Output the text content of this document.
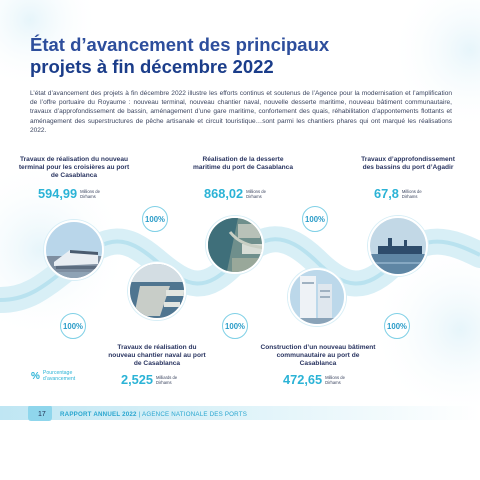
État d’avancement des principaux
projets à fin décembre 2022

L’état d’avancement des projets à fin décembre 2022 illustre les efforts continus et soutenus de l’Agence pour la modernisation et l’amplification de l’offre portuaire du Royaume : nouveau terminal, nouveau chantier naval, nouvelle desserte maritime, nouveau bâtiment communautaire, travaux d’approfondissement de bassin, aménagement d’une gare maritime, confortement des quais, réhabilitation d’appontements flottants et aménagement des superstructures de pêche artisanale et circuit touristique…sont parmi les chantiers phares qui ont marqué les réalisations 2022.

Travaux de réalisation du nouveau terminal pour les croisières au port de Casablanca
594,99 Millions de Dirhams
Réalisation de la desserte maritime du port de Casablanca
868,02 Millions de Dirhams
Travaux d’approfondissement des bassins du port d’Agadir
67,8 Millions de Dirhams
100%
100%
100%
100%	100%
Travaux de réalisation du nouveau chantier naval au port de Casablanca
2,525 Milliards de Dirhams
Construction d’un nouveau bâtiment communautaire au port de Casablanca
472,65 Millions de Dirhams
% Pourcentage d’avancement
17 RAPPORT ANNUEL 2022 | AGENCE NATIONALE DES PORTS
